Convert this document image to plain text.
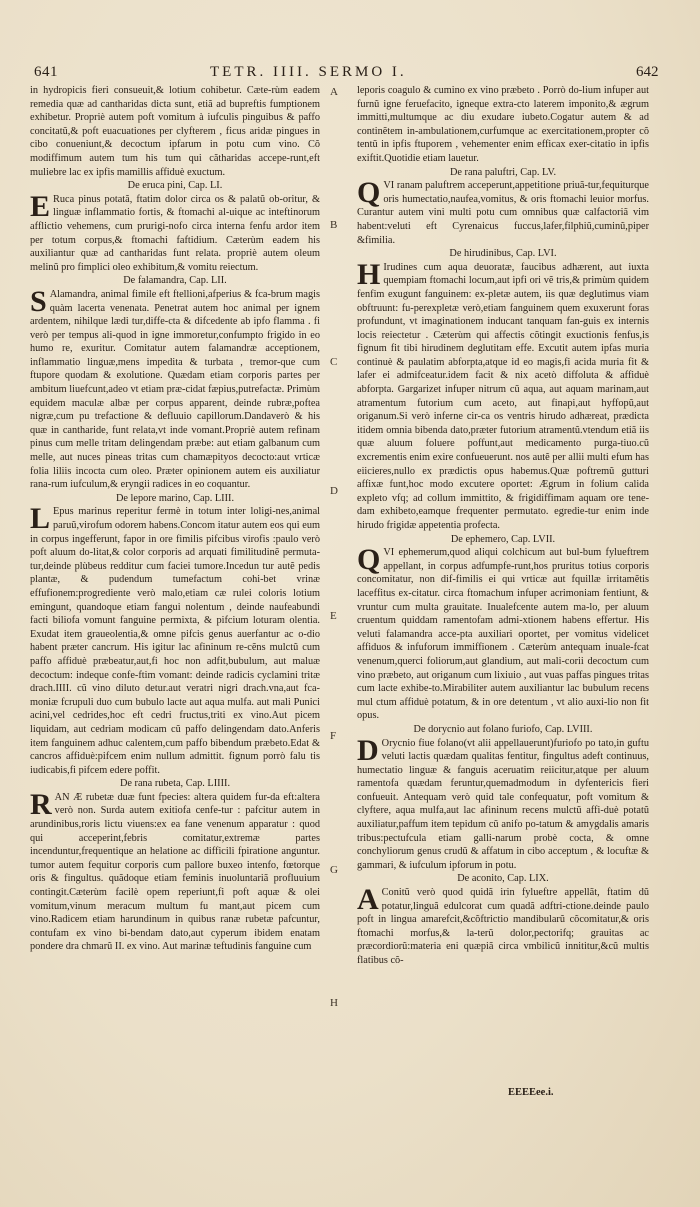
641	TETR. IIII. SERMO I.	642

in hydropicis fieri consueuit,& lotium cohibetur. Cæte-rùm eadem remedia quæ ad cantharidas dicta sunt, etiã ad bupreftis fumptionem exhibetur. Propriè autem poft vomitum à iufculis pinguibus & paffo concitatũ,& poft euacuationes per clyfterem , ficus aridæ pingues in cibo conueniunt,& decoctum ipfarum in potu cum vino. Cõ modiffimum autem tum his tum qui cătharidas accepe-runt,eft muliebre lac ex ipfis mamillis affiduè exuctum.

De eruca pini, Cap. LI.

E Ruca pinus potatã, ftatim dolor circa os & palatũ ob-oritur, & linguæ inflammatio fortis, & ftomachi al-uique ac inteftinorum afflictio vehemens, cum prurigi-nofo circa interna fenfu ardor item per totum corpus,& ftomachi faftidium. Cæterùm eadem his auxiliantur quæ ad cantharidas funt relata. propriè autem oleum melinũ pro fimplici oleo exhibitum,& vomitu reiectum.

De falamandra, Cap. LII.

S Alamandra, animal fimile eft ftellioni,afperius & fca-brum magis quàm lacerta venenata. Penetrat autem hoc animal per ignem ardentem, nihilque lædi tur,diffe-cta & difcedente ab ipfo flamma . fi verò per tempus ali-quod in igne immoretur,confumpto frigido in eo humo re, exuritur. Comitatur autem falamandræ acceptionem, inflammatio linguæ,mens impedita & turbata , tremor-que cum ftupore quodam & exolutione. Quædam etiam corporis partes per ambitum liuefcunt,adeo vt etiam præ-cidat fæpius,putrefactæ. Primùm equidem maculæ albæ per corpus apparent, deinde rubræ,poftea nigræ,cum pu trefactione & defluuio capillorum.Dandaverò & his quæ in cantharide, funt relata,vt inde vomant.Propriè autem refinam pinus cum melle tritam delingendam præbe: aut etiam galbanum cum melle, aut nuces pineas tritas cum chamæpityos decocto:aut vrticæ folia liliis incocta cum oleo. Præter opinionem autem eis auxiliatur rana-rum iufculum,& eryngii radices in eo coquantur.

De lepore marino, Cap. LIII.

L Epus marinus reperitur fermè in totum inter loligi-nes,animal paruũ,virofum odorem habens.Concom itatur autem eos qui eum in corpus ingefferunt, fapor in ore fimilis pifcibus virofis :paulo verò poft aluum do-litat,& color corporis ad arquati fimilitudinẽ permuta-tur,deinde plùbeus redditur cum faciei tumore.Incedun tur autẽ pedis plantæ, & pudendum tumefactum cohi-bet vrinæ effufionem:progrediente verò malo,etiam cæ rulei coloris lotium emingunt, quandoque etiam fangui nolentum , deinde naufeabundi facti biliofa vomunt fanguine permixta, & pifcium loturam olentia. Exudat item graueolentia,& omne pifcis genus auerfantur ac o-dio habent præter cancrum. His igitur lac afininum re-cẽns mulctũ cum paffo affiduè præbeatur,aut,fi hoc non adfit,bubulum, aut maluæ decoctum: indeque confe-ftim vomant: deinde radicis cyclamini tritæ drach.IIII. cũ vino diluto detur.aut veratri nigri drach.vna,aut fca-moniæ fcrupuli duo cum bubulo lacte aut aqua mulfa. aut mali Punici acini,vel cedrides,hoc eft cedri fructus,triti ex vino.Aut picem liquidam, aut cedriam modicam cũ paffo delingendam dato.Anferis item fanguinem adhuc calentem,cum paffo bibendum præbeto.Edat & cancros affiduè:pifcem enim nullum admittit. fignum porrò falu tis iudicabis,fi pifcem edere poffit.

De rana rubeta, Cap. LIIII.

RAN Æ rubetæ duæ funt fpecies: altera quidem fur-da eft:altera verò non. Surda autem exitiofa cenfe-tur : pafcitur autem in arundinibus,roris lictu viuens:ex ea fane venenum apparatur : quod qui acceperint,febris comitatur,extremæ partes incenduntur,frequentique an helatione ac difficili fpiratione anguntur. tumor autem fequitur corporis cum pallore buxeo intenfo, fœtorque oris & fingultus. quãdoque etiam feminis inuoluntariã profluuium contingit.Cæterùm facilè opem reperiunt,fi poft aquæ & olei vomitum,vinum meracum multum fu mant,aut picem cum vino.Radicem etiam harundinum in quibus ranæ rubetæ pafcuntur, contufam ex vino bi-bendam dato,aut cyperum ibidem enatam pondere dra chmarũ II. ex vino. Aut marinæ teftudinis fanguine cum

leporis coagulo & cumino ex vino præbeto . Porrò do-lium infuper aut furnũ igne feruefacito, igneque extra-cto laterem imponito,& ægrum immitti,multumque ac diu exudare iubeto.Cogatur autem & ad continẽtem in-ambulationem,curfumque ac exercitationem,propter cõ tentũ in ipfis ftuporem , vehementer enim efficax exer-citatio in ipfis exiftit.Quotidie etiam lauetur.

De rana paluftri, Cap. LV.

QVI ranam paluftrem acceperunt,appetitione priuã-tur,fequiturque oris humectatio,naufea,vomitus, & oris ftomachi leuior morfus. Curantur autem vini multi potu cum omnibus quæ calfactoriã vim habent:veluti eft Cyrenaicus fuccus,lafer,filphiũ,cuminũ,piper &fimilia.

De hirudinibus, Cap. LVI.

H Irudines cum aqua deuoratæ, faucibus adhærent, aut iuxta quempiam ftomachi locum,aut ipfi ori vẽ tris,& primùm quidem fenfim exugunt fanguinem: ex-pletæ autem, iis quæ deglutimus viam obftruunt: fu-perexpletæ verò,etiam fanguinem quem exuxerunt foras profundunt, vt imaginationem inducant tanquam fan-guis ex internis locis reiectetur . Cæterùm qui affectis cõtingit exuctionis fenfus,is fignum fit tibi hirudinem deglutitam effe. Excutit autem ipfas muria continuè & paulatim abforpta,atque id eo magis,fi acida muria fit & lafer ei admifceatur.idem facit & nix acetò diffoluta & affiduè abforpta. Gargarizet infuper nitrum cũ aqua, aut aquam marinam,aut atramentum futorium cum aceto, aut finapi,aut hyffopũ,aut origanum.Si verò inferne cir-ca os ventris hirudo adhæreat, prædicta itidem omnia bibenda dato,præter futorium atramentũ.vtendum etiã iis quæ aluum foluere poffunt,aut medicamento purga-tiuo.cũ excrementis enim exire confueuerunt. nos autẽ per allii multi efum has eiicieres,nullo ex prædictis opus habemus.Quæ poftremũ gutturi affixæ funt,hoc modo excutere oportet: Ægrum in folium calida expleto vfq; ad collum immittito, & frigidiffimam aquam ore tene-dam exhibeto,eamque frequenter permutato. egredie-tur enim inde hirudo frigidæ appetentia profecta.

De ephemero, Cap. LVII.

QVI ephemerum,quod aliqui colchicum aut bul-bum fylueftrem appellant, in corpus adfumpfe-runt,hos pruritus totius corporis concomitatur, non dif-fimilis ei qui vrticæ aut fquillæ irritamẽtis laceffitus ex-citatur. circa ftomachum infuper acrimoniam fentiunt, & vruntur cum multa grauitate. Inualefcente autem ma-lo, per aluum cruentum quiddam ramentofam admi-xtionem habens effertur. His veluti falamandra acce-pta auxiliari oportet, per vomitus videlicet affiduos & infuforum immiffionem . Cæterùm antequam inuale-fcat venenum,querci foliorum,aut glandium, aut mali-corii decoctum cum vino præbeto, aut origanum cum lixiuio , aut vuas paffas pingues tritas cum lacte exhibe-to.Mirabiliter autem auxiliantur lac bubulum recens mul ctum affiduè potatum, & in ore detentum , vt alio auxi-lio non fit opus.

De dorycnio aut folano furiofo, Cap. LVIII.

D Orycnio fiue folano(vt alii appellauerunt)furiofo po tato,in guftu veluti lactis quædam qualitas fentitur, fingultus adeft continuus, humectatio linguæ & fanguis aceruatim reiicitur,atque per aluum ramentofa quædam feruntur,quemadmodum in dyfentericis fieri confueuit. Antequam verò quid tale confequatur, poft vomitum & clyftere, aqua mulfa,aut lac afininum recens mulctũ affi-duè potatũ auxiliatur,paffum item tepidum cũ anifo po-tatum & amygdalis amaris tribus:pectufcula etiam galli-narum probè cocta, & omne conchyliorum genus crudũ & affatum in cibo acceptum , & locuftæ & gammari, & iufculum ipforum in potu.

De aconito, Cap. LIX.

A Conitũ verò quod quidã irin fylueftre appellãt, ftatim dũ potatur,linguã edulcorat cum quadã adftri-ctione.deinde paulo poft in lingua amarefcit,&cõftrictio mandibularũ cõcomitatur,& oris ftomachi morfus,& la-terũ dolor,pectorifq; grauitas ac præcordiorũ:materia eni quæpiã circa vmbilicũ innititur,&cũ multis flatibus cõ-

A
B
C
D
E
F
G
H
EEEEee.i.
